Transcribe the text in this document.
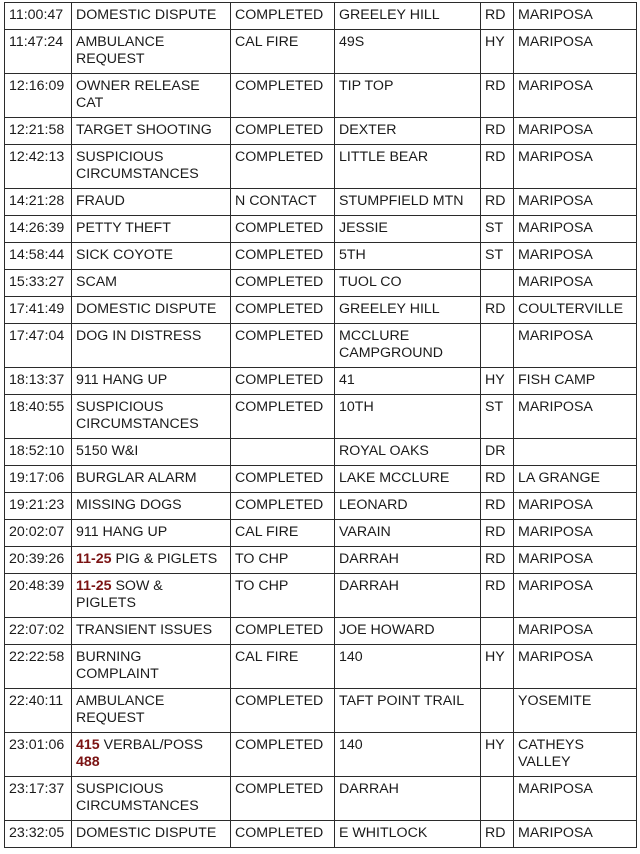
11:00:47	DOMESTIC DISPUTE	COMPLETED	GREELEY HILL	RD	MARIPOSA
11:47:24	AMBULANCE REQUEST	CAL FIRE	49S	HY	MARIPOSA
12:16:09	OWNER RELEASE CAT	COMPLETED	TIP TOP	RD	MARIPOSA
12:21:58	TARGET SHOOTING	COMPLETED	DEXTER	RD	MARIPOSA
12:42:13	SUSPICIOUS CIRCUMSTANCES	COMPLETED	LITTLE BEAR	RD	MARIPOSA
14:21:28	FRAUD	N CONTACT	STUMPFIELD MTN	RD	MARIPOSA
14:26:39	PETTY THEFT	COMPLETED	JESSIE	ST	MARIPOSA
14:58:44	SICK COYOTE	COMPLETED	5TH	ST	MARIPOSA
15:33:27	SCAM	COMPLETED	TUOL CO		MARIPOSA
17:41:49	DOMESTIC DISPUTE	COMPLETED	GREELEY HILL	RD	COULTERVILLE
17:47:04	DOG IN DISTRESS	COMPLETED	MCCLURE CAMPGROUND		MARIPOSA
18:13:37	911 HANG UP	COMPLETED	41	HY	FISH CAMP
18:40:55	SUSPICIOUS CIRCUMSTANCES	COMPLETED	10TH	ST	MARIPOSA
18:52:10	5150 W&I		ROYAL OAKS	DR	
19:17:06	BURGLAR ALARM	COMPLETED	LAKE MCCLURE	RD	LA GRANGE
19:21:23	MISSING DOGS	COMPLETED	LEONARD	RD	MARIPOSA
20:02:07	911 HANG UP	CAL FIRE	VARAIN	RD	MARIPOSA
20:39:26	11-25 PIG & PIGLETS	TO CHP	DARRAH	RD	MARIPOSA
20:48:39	11-25 SOW & PIGLETS	TO CHP	DARRAH	RD	MARIPOSA
22:07:02	TRANSIENT ISSUES	COMPLETED	JOE HOWARD		MARIPOSA
22:22:58	BURNING COMPLAINT	CAL FIRE	140	HY	MARIPOSA
22:40:11	AMBULANCE REQUEST	COMPLETED	TAFT POINT TRAIL		YOSEMITE
23:01:06	415 VERBAL/POSS 488	COMPLETED	140	HY	CATHEYS VALLEY
23:17:37	SUSPICIOUS CIRCUMSTANCES	COMPLETED	DARRAH		MARIPOSA
23:32:05	DOMESTIC DISPUTE	COMPLETED	E WHITLOCK	RD	MARIPOSA
